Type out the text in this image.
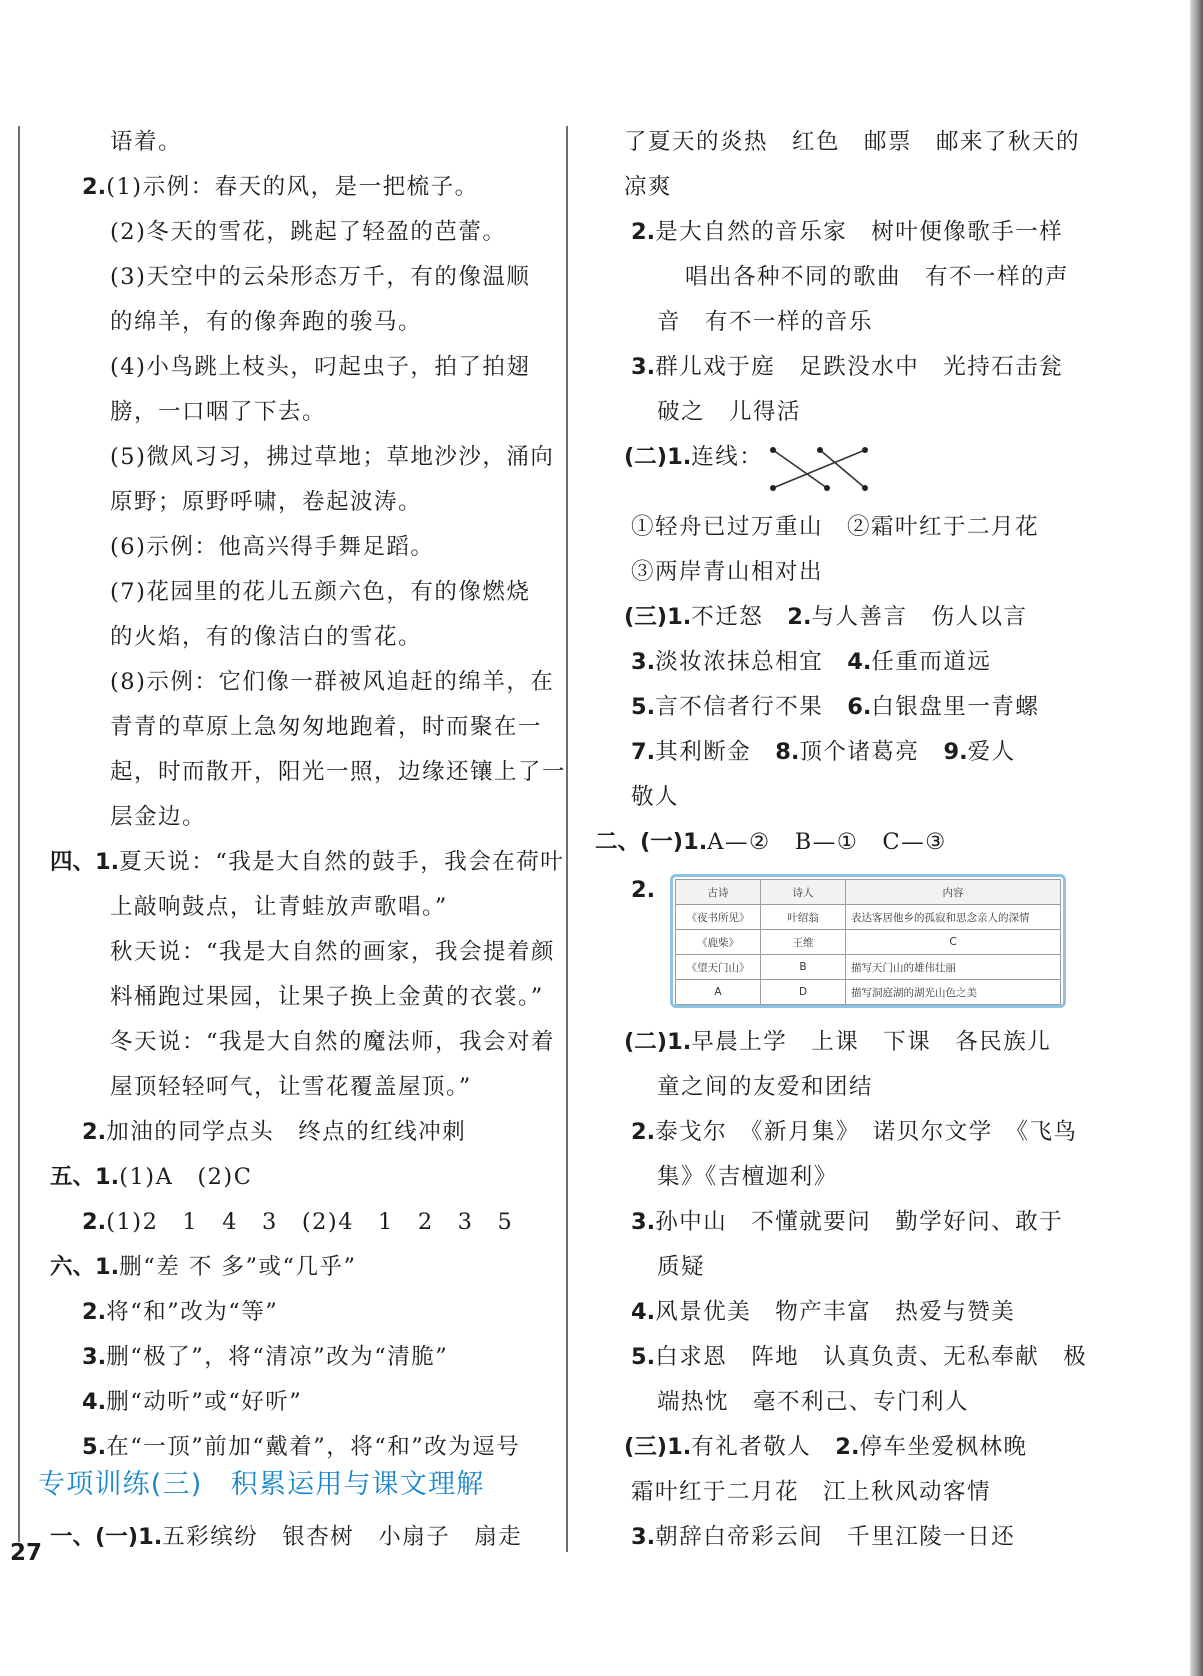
语着。
2.(1)示例：春天的风，是一把梳子。
(2)冬天的雪花，跳起了轻盈的芭蕾。
(3)天空中的云朵形态万千，有的像温顺
的绵羊，有的像奔跑的骏马。
(4)小鸟跳上枝头，叼起虫子，拍了拍翅
膀，一口咽了下去。
(5)微风习习，拂过草地；草地沙沙，涌向
原野；原野呼啸，卷起波涛。
(6)示例：他高兴得手舞足蹈。
(7)花园里的花儿五颜六色，有的像燃烧
的火焰，有的像洁白的雪花。
(8)示例：它们像一群被风追赶的绵羊，在
青青的草原上急匆匆地跑着，时而聚在一
起，时而散开，阳光一照，边缘还镶上了一
层金边。
四、1.夏天说：“我是大自然的鼓手，我会在荷叶
上敲响鼓点，让青蛙放声歌唱。”
秋天说：“我是大自然的画家，我会提着颜
料桶跑过果园，让果子换上金黄的衣裳。”
冬天说：“我是大自然的魔法师，我会对着
屋顶轻轻呵气，让雪花覆盖屋顶。”
2.加油的同学点头　终点的红线冲刺
五、1.(1)A　(2)C
2.(1)2　1　4　3　(2)4　1　2　3　5
六、1.删“差 不 多”或“几乎”
2.将“和”改为“等”
3.删“极了”，将“清凉”改为“清脆”
4.删“动听”或“好听”
5.在“一顶”前加“戴着”，将“和”改为逗号
一、(一)1.五彩缤纷　银杏树　小扇子　扇走
专项训练(三)　积累运用与课文理解
27
了夏天的炎热　红色　邮票　邮来了秋天的
凉爽
2.是大自然的音乐家　树叶便像歌手一样
唱出各种不同的歌曲　有不一样的声
音　有不一样的音乐
3.群儿戏于庭　足跌没水中　光持石击瓮
破之　儿得活
(二)1.连线：
①轻舟已过万重山　②霜叶红于二月花
③两岸青山相对出
(三)1.不迁怒　2.与人善言　伤人以言
3.淡妆浓抹总相宜　4.任重而道远
5.言不信者行不果　6.白银盘里一青螺
7.其利断金　8.顶个诸葛亮　9.爱人
敬人
二、(一)1.A—②　B—①　C—③
2.
(二)1.早晨上学　上课　下课　各民族儿
童之间的友爱和团结
2.泰戈尔　《新月集》　诺贝尔文学　《飞鸟
集》《吉檀迦利》
3.孙中山　不懂就要问　勤学好问、敢于
质疑
4.风景优美　物产丰富　热爱与赞美
5.白求恩　阵地　认真负责、无私奉献　极
端热忱　毫不利己、专门利人
(三)1.有礼者敬人　2.停车坐爱枫林晚
霜叶红于二月花　江上秋风动客情
3.朝辞白帝彩云间　千里江陵一日还
古诗	诗人	内容
《夜书所见》	叶绍翁	表达客居他乡的孤寂和思念亲人的深情
《鹿柴》	王维	C
《望天门山》	B	描写天门山的雄伟壮丽
A	D	描写洞庭湖的湖光山色之美
